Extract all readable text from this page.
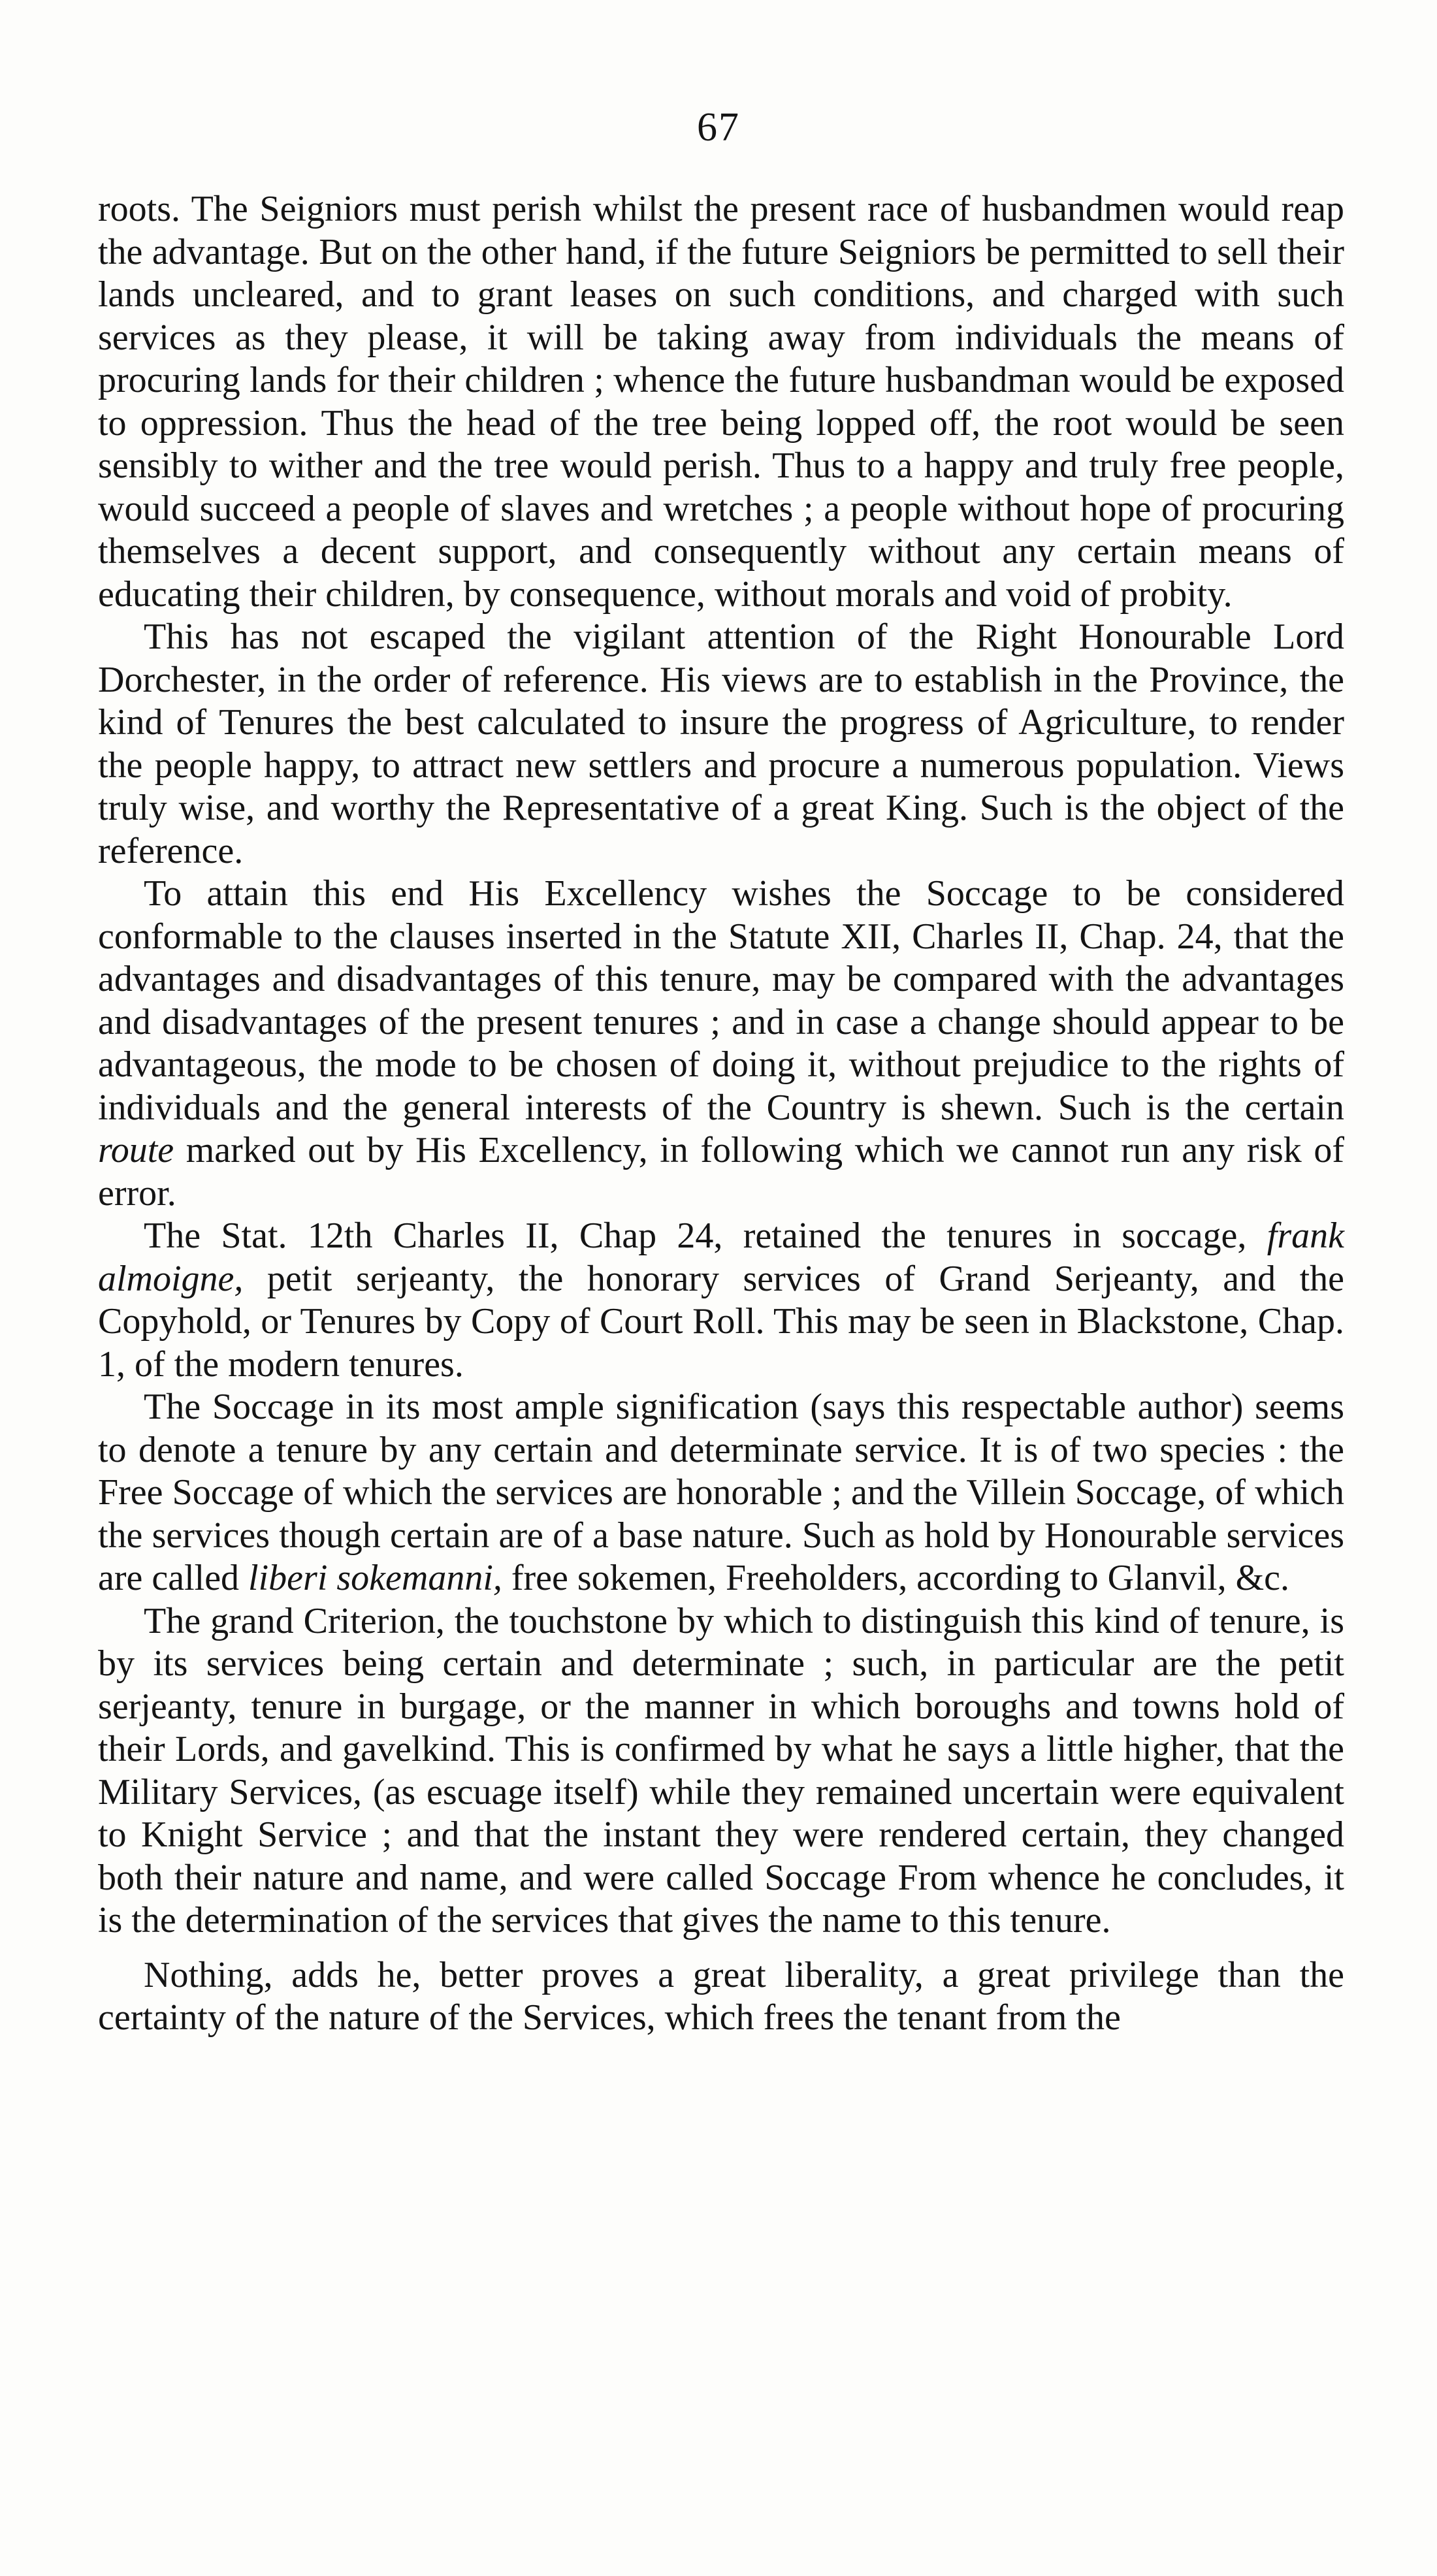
67

roots. The Seigniors must perish whilst the present race of husbandmen would reap the advantage. But on the other hand, if the future Seigniors be permitted to sell their lands uncleared, and to grant leases on such conditions, and charged with such services as they please, it will be taking away from individuals the means of procuring lands for their children ; whence the future husbandman would be exposed to oppression. Thus the head of the tree being lopped off, the root would be seen sensibly to wither and the tree would perish. Thus to a happy and truly free people, would succeed a people of slaves and wretches ; a people without hope of procuring themselves a decent support, and consequently without any certain means of educating their children, by consequence, without morals and void of probity.

This has not escaped the vigilant attention of the Right Honourable Lord Dorchester, in the order of reference. His views are to establish in the Province, the kind of Tenures the best calculated to insure the progress of Agriculture, to render the people happy, to attract new settlers and procure a numerous population. Views truly wise, and worthy the Representative of a great King. Such is the object of the reference.

To attain this end His Excellency wishes the Soccage to be considered conformable to the clauses inserted in the Statute XII, Charles II, Chap. 24, that the advantages and disadvantages of this tenure, may be compared with the advantages and disadvantages of the present tenures ; and in case a change should appear to be advantageous, the mode to be chosen of doing it, without prejudice to the rights of individuals and the general interests of the Country is shewn. Such is the certain route marked out by His Excellency, in following which we cannot run any risk of error.

The Stat. 12th Charles II, Chap 24, retained the tenures in soccage, frank almoigne, petit serjeanty, the honorary services of Grand Serjeanty, and the Copyhold, or Tenures by Copy of Court Roll. This may be seen in Blackstone, Chap. 1, of the modern tenures.

The Soccage in its most ample signification (says this respectable author) seems to denote a tenure by any certain and determinate service. It is of two species : the Free Soccage of which the services are honorable ; and the Villein Soccage, of which the services though certain are of a base nature. Such as hold by Honourable services are called liberi sokemanni, free sokemen, Freeholders, according to Glanvil, &c.

The grand Criterion, the touchstone by which to distinguish this kind of tenure, is by its services being certain and determinate ; such, in particular are the petit serjeanty, tenure in burgage, or the manner in which boroughs and towns hold of their Lords, and gavelkind. This is confirmed by what he says a little higher, that the Military Services, (as escuage itself) while they remained uncertain were equivalent to Knight Service ; and that the instant they were rendered certain, they changed both their nature and name, and were called Soccage From whence he concludes, it is the determination of the services that gives the name to this tenure.

Nothing, adds he, better proves a great liberality, a great privilege than the certainty of the nature of the Services, which frees the tenant from the
